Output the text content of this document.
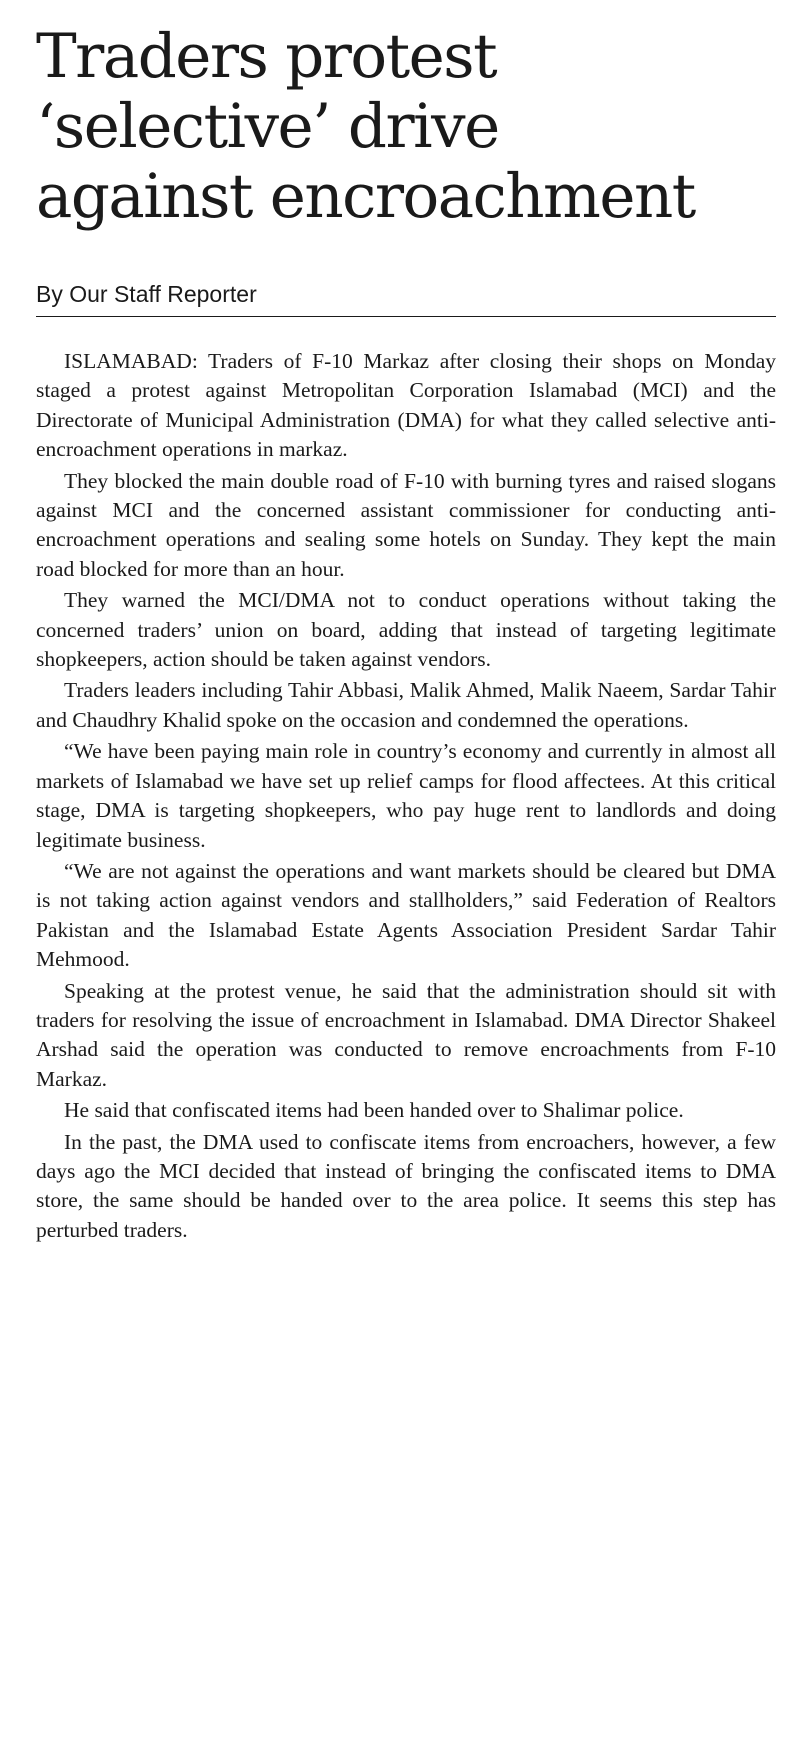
Traders protest
‘selective’ drive
against encroachment
By Our Staff Reporter

ISLAMABAD: Traders of F-10 Markaz after closing their shops on Monday staged a protest against Metropolitan Corporation Islamabad (MCI) and the Directorate of Municipal Administration (DMA) for what they called selective anti-encroachment operations in markaz.

They blocked the main double road of F-10 with burning tyres and raised slogans against MCI and the concerned assistant commissioner for conducting anti-encroachment operations and sealing some hotels on Sunday. They kept the main road blocked for more than an hour.

They warned the MCI/DMA not to conduct operations without taking the concerned traders’ union on board, adding that instead of targeting legitimate shopkeepers, action should be taken against vendors.

Traders leaders including Tahir Abbasi, Malik Ahmed, Malik Naeem, Sardar Tahir and Chaudhry Khalid spoke on the occasion and condemned the operations.

“We have been paying main role in country’s economy and currently in almost all markets of Islamabad we have set up relief camps for flood affectees. At this critical stage, DMA is targeting shopkeepers, who pay huge rent to landlords and doing legitimate business.

“We are not against the operations and want markets should be cleared but DMA is not taking action against vendors and stallholders,” said Federation of Realtors Pakistan and the Islamabad Estate Agents Association President Sardar Tahir Mehmood.

Speaking at the protest venue, he said that the administration should sit with traders for resolving the issue of encroachment in Islamabad. DMA Director Shakeel Arshad said the operation was conducted to remove encroachments from F-10 Markaz.

He said that confiscated items had been handed over to Shalimar police.

In the past, the DMA used to confiscate items from encroachers, however, a few days ago the MCI decided that instead of bringing the confiscated items to DMA store, the same should be handed over to the area police. It seems this step has perturbed traders.
